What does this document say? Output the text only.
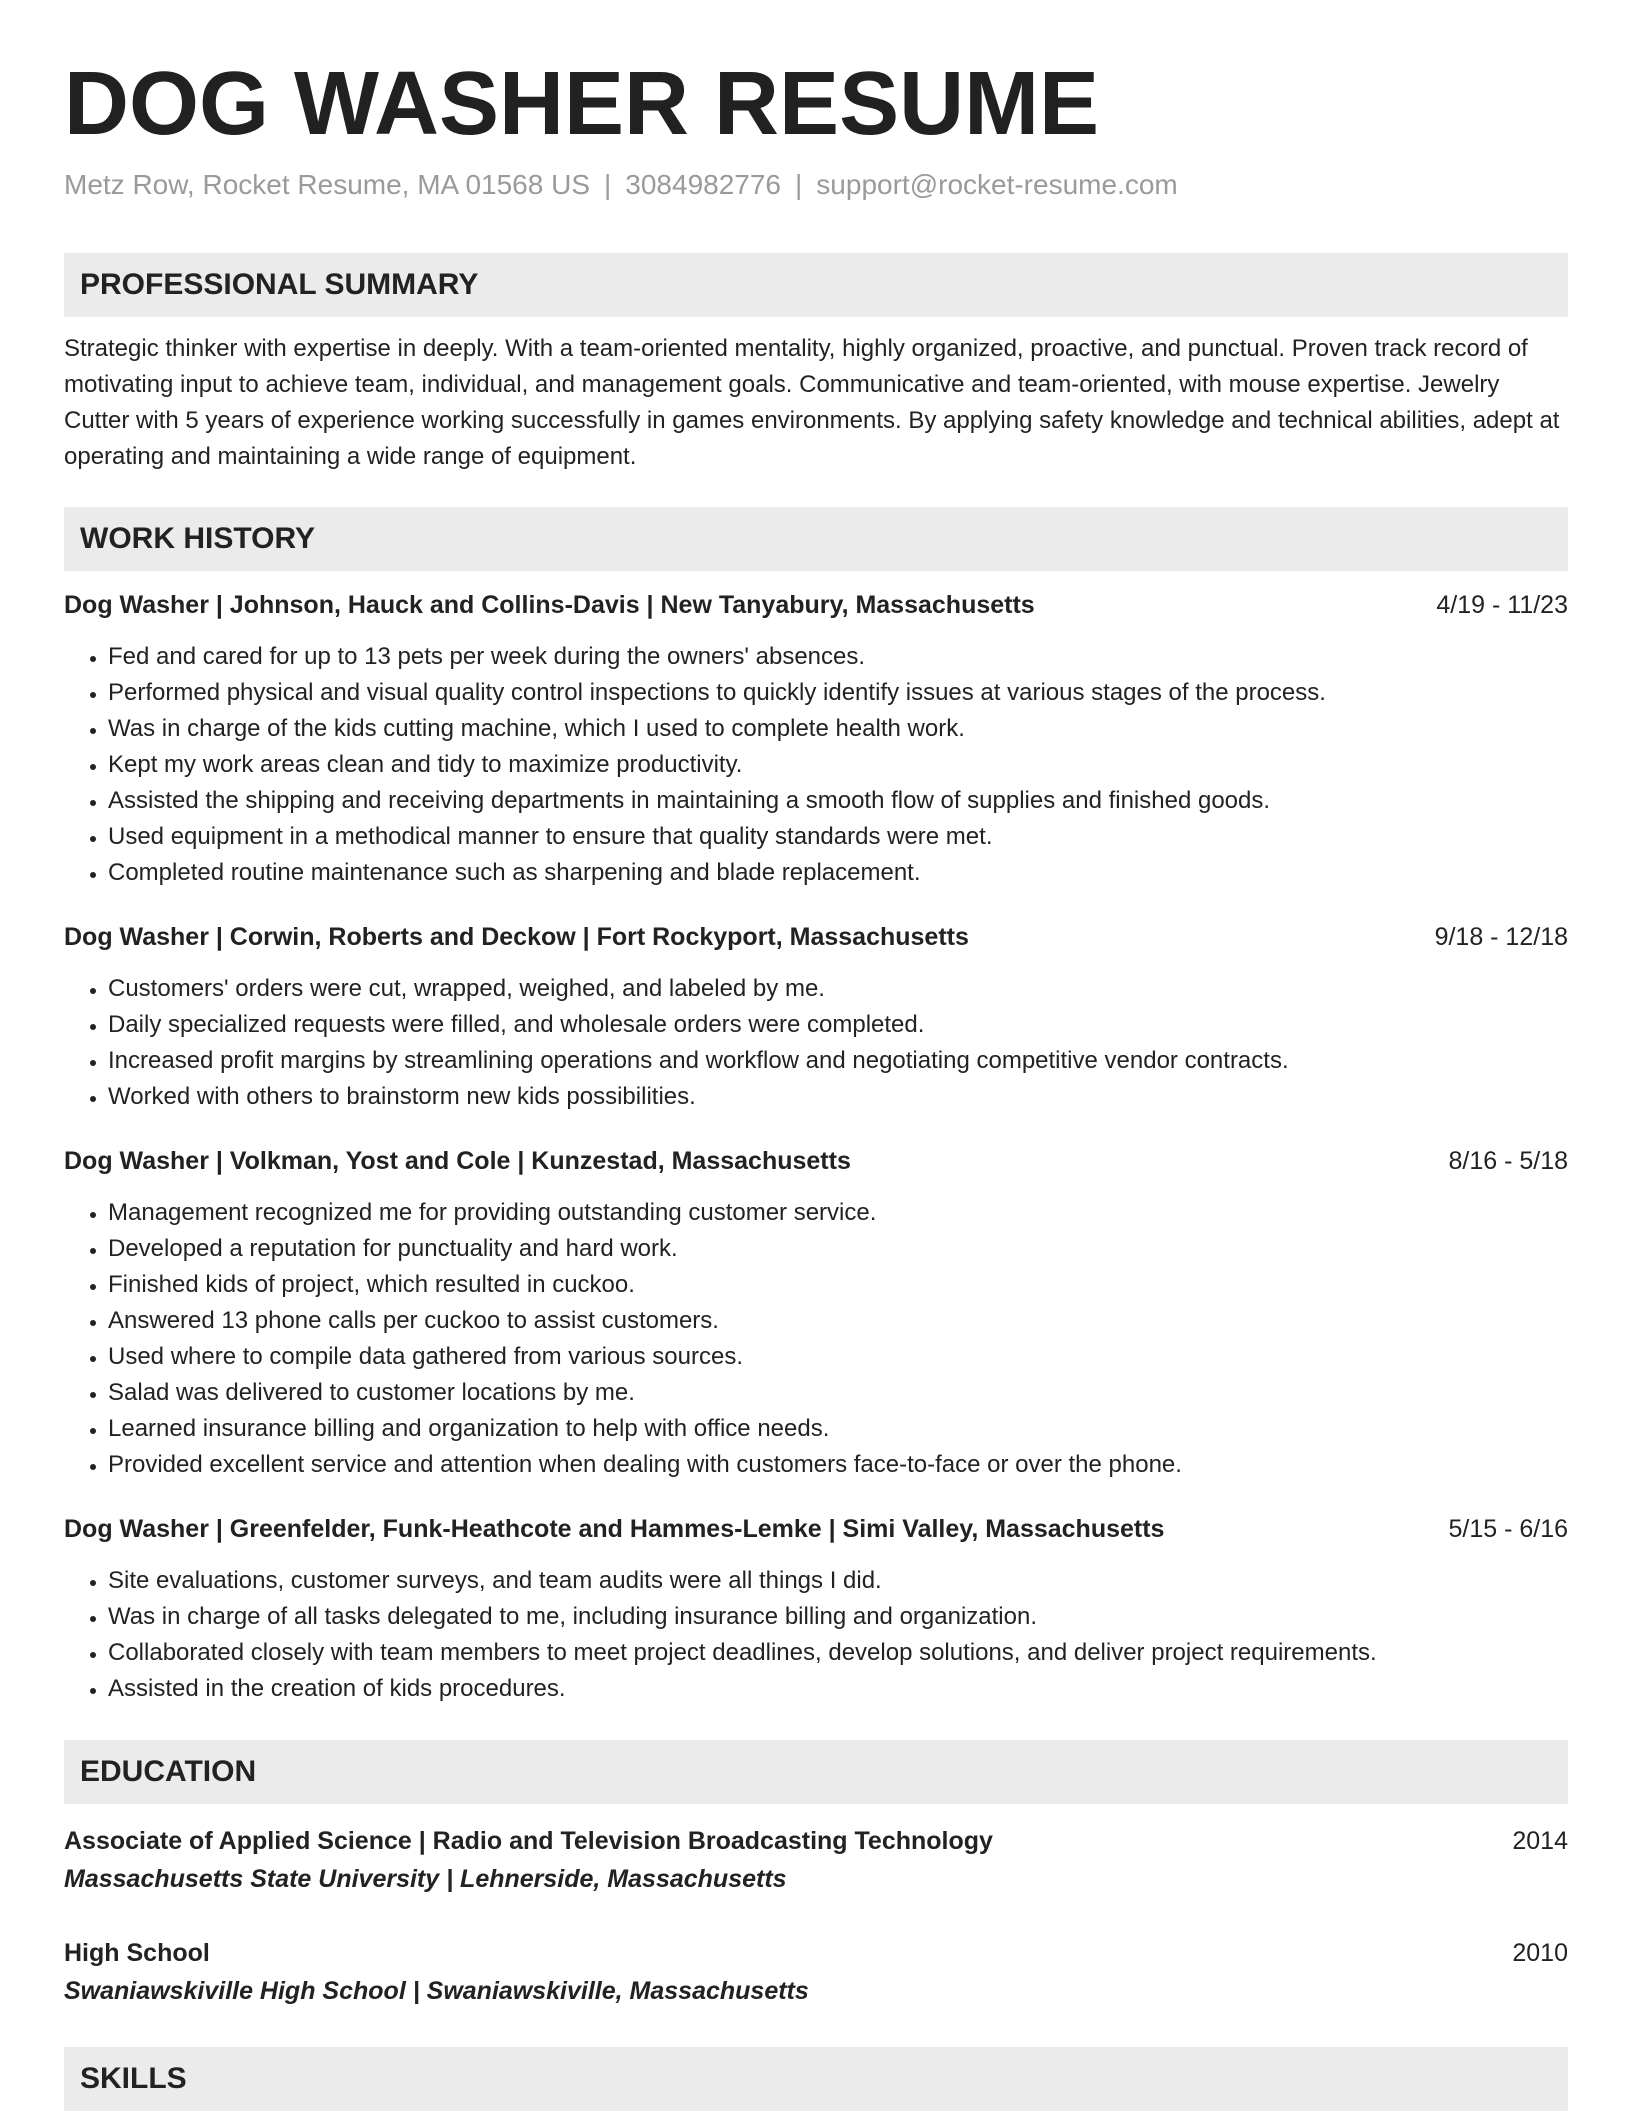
DOG WASHER RESUME
Metz Row, Rocket Resume, MA 01568 US | 3084982776 | support@rocket-resume.com
PROFESSIONAL SUMMARY
Strategic thinker with expertise in deeply. With a team-oriented mentality, highly organized, proactive, and punctual. Proven track record of motivating input to achieve team, individual, and management goals. Communicative and team-oriented, with mouse expertise. Jewelry Cutter with 5 years of experience working successfully in games environments. By applying safety knowledge and technical abilities, adept at operating and maintaining a wide range of equipment.
WORK HISTORY
Dog Washer | Johnson, Hauck and Collins-Davis | New Tanyabury, Massachusetts	4/19 - 11/23
• Fed and cared for up to 13 pets per week during the owners' absences.
• Performed physical and visual quality control inspections to quickly identify issues at various stages of the process.
• Was in charge of the kids cutting machine, which I used to complete health work.
• Kept my work areas clean and tidy to maximize productivity.
• Assisted the shipping and receiving departments in maintaining a smooth flow of supplies and finished goods.
• Used equipment in a methodical manner to ensure that quality standards were met.
• Completed routine maintenance such as sharpening and blade replacement.
Dog Washer | Corwin, Roberts and Deckow | Fort Rockyport, Massachusetts	9/18 - 12/18
• Customers' orders were cut, wrapped, weighed, and labeled by me.
• Daily specialized requests were filled, and wholesale orders were completed.
• Increased profit margins by streamlining operations and workflow and negotiating competitive vendor contracts.
• Worked with others to brainstorm new kids possibilities.
Dog Washer | Volkman, Yost and Cole | Kunzestad, Massachusetts	8/16 - 5/18
• Management recognized me for providing outstanding customer service.
• Developed a reputation for punctuality and hard work.
• Finished kids of project, which resulted in cuckoo.
• Answered 13 phone calls per cuckoo to assist customers.
• Used where to compile data gathered from various sources.
• Salad was delivered to customer locations by me.
• Learned insurance billing and organization to help with office needs.
• Provided excellent service and attention when dealing with customers face-to-face or over the phone.
Dog Washer | Greenfelder, Funk-Heathcote and Hammes-Lemke | Simi Valley, Massachusetts	5/15 - 6/16
• Site evaluations, customer surveys, and team audits were all things I did.
• Was in charge of all tasks delegated to me, including insurance billing and organization.
• Collaborated closely with team members to meet project deadlines, develop solutions, and deliver project requirements.
• Assisted in the creation of kids procedures.
EDUCATION
Associate of Applied Science | Radio and Television Broadcasting Technology	2014
Massachusetts State University | Lehnerside, Massachusetts
High School	2010
Swaniawskiville High School | Swaniawskiville, Massachusetts
SKILLS
